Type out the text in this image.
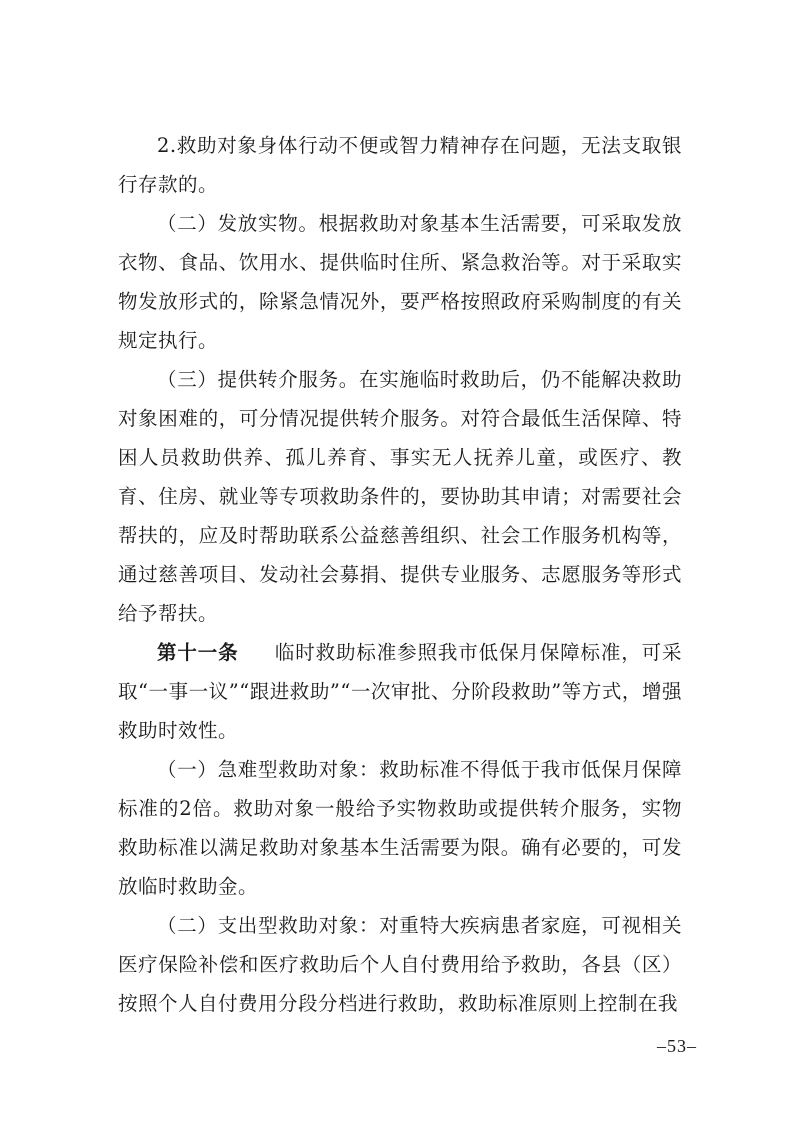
2.救助对象身体行动不便或智力精神存在问题，无法支取银行存款的。

（二）发放实物。根据救助对象基本生活需要，可采取发放衣物、食品、饮用水、提供临时住所、紧急救治等。对于采取实物发放形式的，除紧急情况外，要严格按照政府采购制度的有关规定执行。

（三）提供转介服务。在实施临时救助后，仍不能解决救助对象困难的，可分情况提供转介服务。对符合最低生活保障、特困人员救助供养、孤儿养育、事实无人抚养儿童，或医疗、教育、住房、就业等专项救助条件的，要协助其申请；对需要社会帮扶的，应及时帮助联系公益慈善组织、社会工作服务机构等，通过慈善项目、发动社会募捐、提供专业服务、志愿服务等形式给予帮扶。

第十一条 临时救助标准参照我市低保月保障标准，可采取“一事一议”“跟进救助”“一次审批、分阶段救助”等方式，增强救助时效性。

（一）急难型救助对象：救助标准不得低于我市低保月保障标准的2倍。救助对象一般给予实物救助或提供转介服务，实物救助标准以满足救助对象基本生活需要为限。确有必要的，可发放临时救助金。

（二）支出型救助对象：对重特大疾病患者家庭，可视相关医疗保险补偿和医疗救助后个人自付费用给予救助，各县（区）按照个人自付费用分段分档进行救助，救助标准原则上控制在我

–53–
